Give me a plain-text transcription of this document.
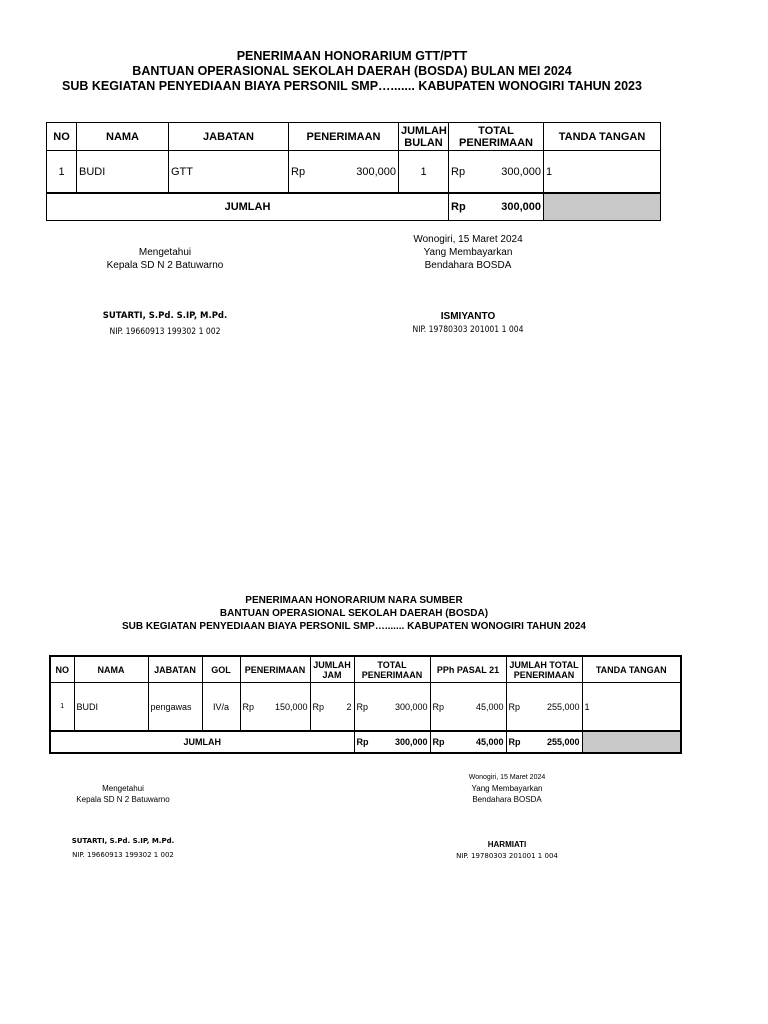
PENERIMAAN HONORARIUM GTT/PTT
BANTUAN OPERASIONAL SEKOLAH DAERAH (BOSDA) BULAN MEI 2024
SUB KEGIATAN PENYEDIAAN BIAYA PERSONIL SMP…....... KABUPATEN WONOGIRI TAHUN 2023
NO	NAMA	JABATAN	PENERIMAAN	JUMLAH BULAN	TOTAL PENERIMAAN	TANDA TANGAN
1	BUDI	GTT	Rp 300,000	1	Rp 300,000	1
JUMLAH					Rp 300,000	

Mengetahui
Kepala SD N 2 Batuwarno
SUTARTI, S.Pd. S.IP, M.Pd.
NIP. 19660913 199302 1 002
Wonogiri, 15 Maret 2024
Yang Membayarkan
Bendahara BOSDA
ISMIYANTO
NIP. 19780303 201001 1 004
PENERIMAAN HONORARIUM NARA SUMBER
BANTUAN OPERASIONAL SEKOLAH DAERAH (BOSDA)
SUB KEGIATAN PENYEDIAAN BIAYA PERSONIL SMP…....... KABUPATEN WONOGIRI TAHUN 2024
NO	NAMA	JABATAN	GOL	PENERIMAAN	JUMLAH JAM	TOTAL PENERIMAAN	PPh PASAL 21	JUMLAH TOTAL PENERIMAAN	TANDA TANGAN
1	BUDI	pengawas	IV/a	Rp 150,000	Rp 2	Rp 300,000	Rp 45,000	Rp 255,000	1
JUMLAH						Rp 300,000	Rp 45,000	Rp 255,000	

Mengetahui
Kepala SD N 2 Batuwarno
SUTARTI, S.Pd. S.IP, M.Pd.
NIP. 19660913 199302 1 002
Wonogiri, 15 Maret 2024
Yang Membayarkan
Bendahara BOSDA
HARMIATI
NIP. 19780303 201001 1 004
